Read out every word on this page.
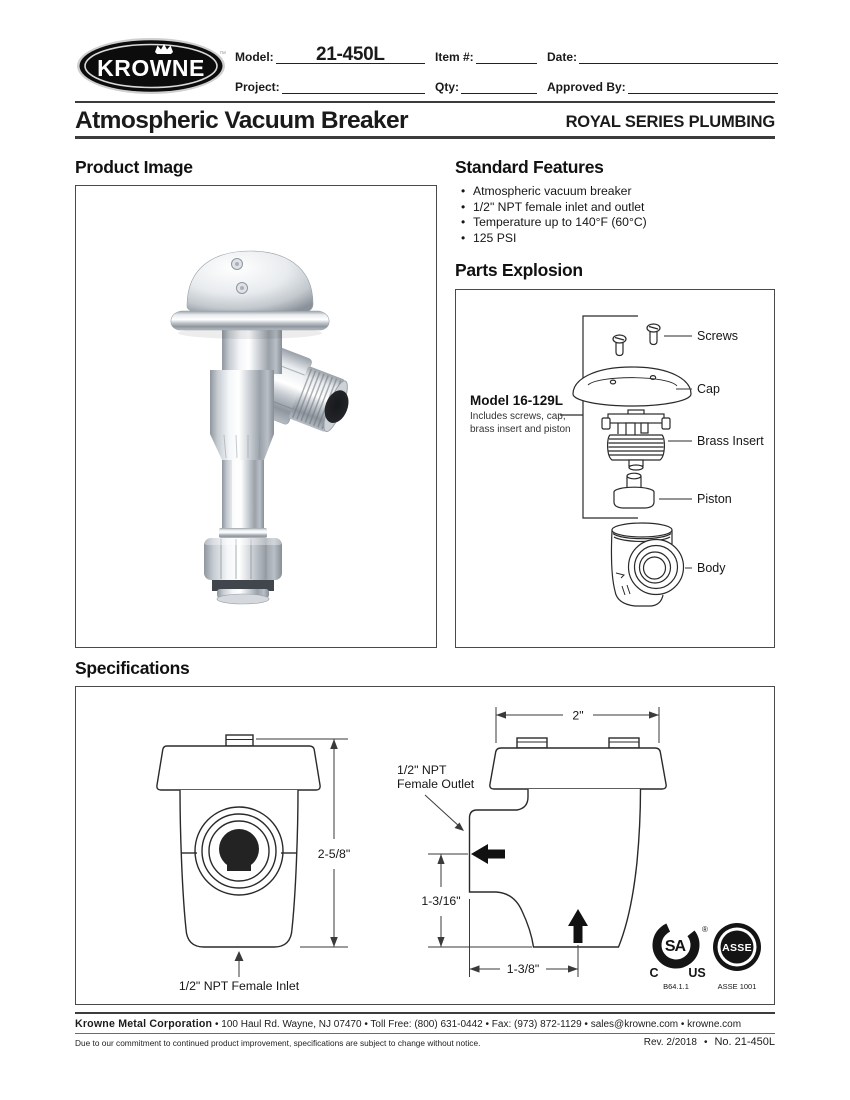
KROWNE
™ Model:	21-450L	Item #:	Date:
Project:	Qty:	Approved By:
Atmospheric Vacuum Breaker	ROYAL SERIES PLUMBING
Product Image	Standard Features
• Atmospheric vacuum breaker
• 1/2" NPT female inlet and outlet
• Temperature up to 140°F (60°C)
• 125 PSI
Parts Explosion
Screws
Cap
Brass Insert
Piston
Body
Model 16-129L
Includes screws, cap,
brass insert and piston
Specifications
2-5/8"
1/2" NPT Female Inlet
2"
1/2" NPT
Female Outlet
1-3/16"
1-3/8"
SA
®
C US
B64.1.1
ASSE
ASSE 1001
Krowne Metal Corporation • 100 Haul Rd. Wayne, NJ 07470 • Toll Free: (800) 631-0442 • Fax: (973) 872-1129 • sales@krowne.com • krowne.com
Due to our commitment to continued product improvement, specifications are subject to change without notice.	Rev. 2/2018 • No. 21-450L
